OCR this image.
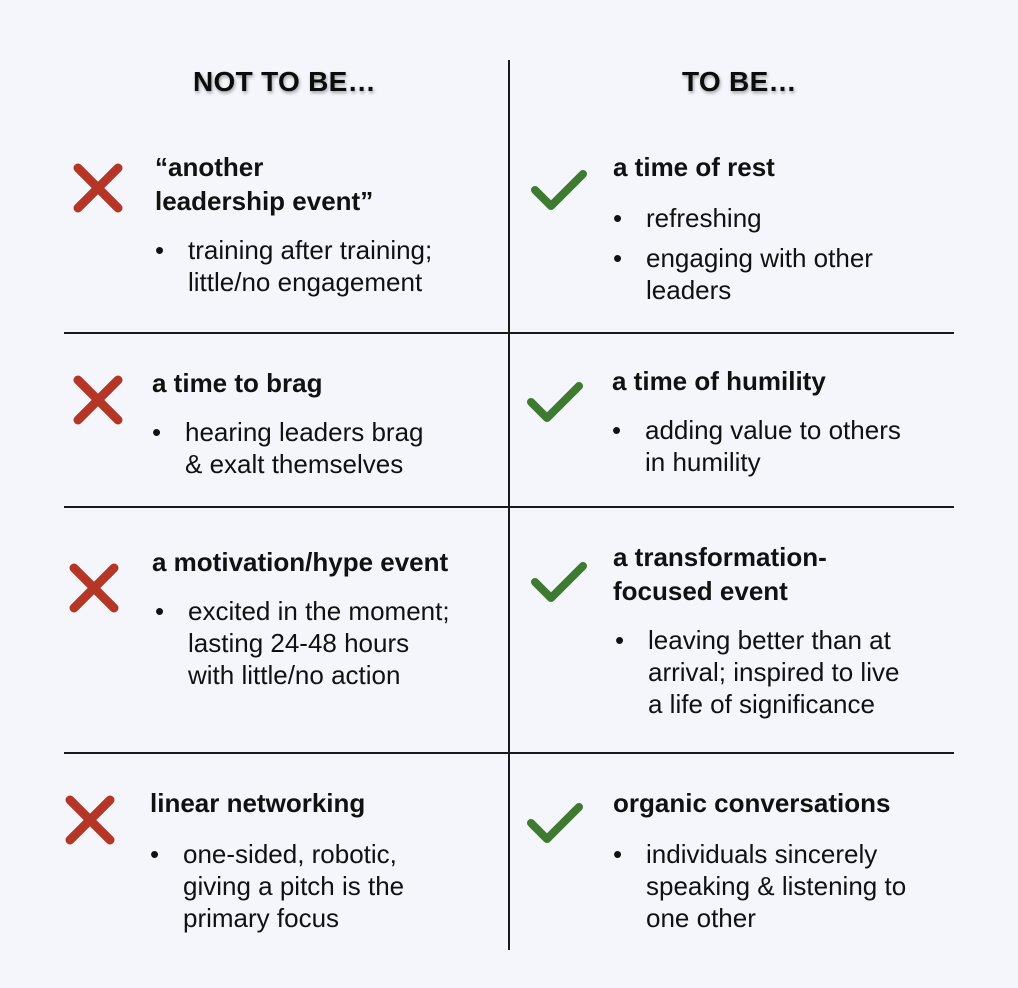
NOT TO BE…	TO BE…
“another
leadership event”
• training after training;
little/no engagement
a time of rest
• refreshing
• engaging with other
leaders
a time to brag
• hearing leaders brag
& exalt themselves
a time of humility
• adding value to others
in humility
a motivation/hype event
• excited in the moment;
lasting 24-48 hours
with little/no action
a transformation-
focused event
• leaving better than at
arrival; inspired to live
a life of significance
linear networking
• one-sided, robotic,
giving a pitch is the
primary focus
organic conversations
• individuals sincerely
speaking & listening to
one other
